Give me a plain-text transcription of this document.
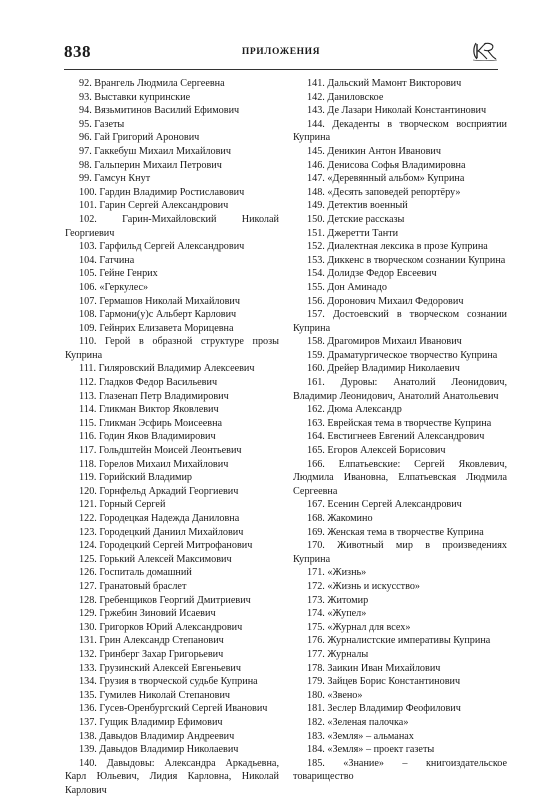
838	ПРИЛОЖЕНИЯ

92. Врангель Людмила Сергеевна

93. Выставки купринские

94. Вязьмитинов Василий Ефимович

95. Газеты

96. Гай Григорий Аронович

97. Гаккебуш Михаил Михайлович

98. Гальперин Михаил Петрович

99. Гамсун Кнут

100. Гардин Владимир Ростиславович

101. Гарин Сергей Александрович

102. Гарин-Михайловский Николай Георгиевич

103. Гарфильд Сергей Александрович

104. Гатчина

105. Гейне Генрих

106. «Геркулес»

107. Гермашов Николай Михайлович

108. Гармони(у)с Альберт Карлович

109. Гейнрих Елизавета Морицевна

110. Герой в образной структуре прозы Куприна

111. Гиляровский Владимир Алексеевич

112. Гладков Федор Васильевич

113. Глазенап Петр Владимирович

114. Гликман Виктор Яковлевич

115. Гликман Эсфирь Моисеевна

116. Годин Яков Владимирович

117. Гольдштейн Моисей Леонтьевич

118. Горелов Михаил Михайлович

119. Горийский Владимир

120. Горнфельд Аркадий Георгиевич

121. Горный Сергей

122. Городецкая Надежда Даниловна

123. Городецкий Даниил Михайлович

124. Городецкий Сергей Митрофанович

125. Горький Алексей Максимович

126. Госпиталь домашний

127. Гранатовый браслет

128. Гребенщиков Георгий Дмитриевич

129. Гржебин Зиновий Исаевич

130. Григорков Юрий Александрович

131. Грин Александр Степанович

132. Гринберг Захар Григорьевич

133. Грузинский Алексей Евгеньевич

134. Грузия в творческой судьбе Куприна

135. Гумилев Николай Степанович

136. Гусев-Оренбургский Сергей Иванович

137. Гущик Владимир Ефимович

138. Давыдов Владимир Андреевич

139. Давыдов Владимир Николаевич

140. Давыдовы: Александра Аркадьевна, Карл Юльевич, Лидия Карловна, Николай Карлович

141. Дальский Мамонт Викторович

142. Даниловское

143. Де Лазари Николай Константинович

144. Декаденты в творческом восприятии Куприна

145. Деникин Антон Иванович

146. Денисова Софья Владимировна

147. «Деревянный альбом» Куприна

148. «Десять заповедей репортёру»

149. Детектив военный

150. Детские рассказы

151. Джеретти Танти

152. Диалектная лексика в прозе Куприна

153. Диккенс в творческом сознании Куприна

154. Долидзе Федор Евсеевич

155. Дон Аминадо

156. Доронович Михаил Федорович

157. Достоевский в творческом сознании Куприна

158. Драгомиров Михаил Иванович

159. Драматургическое творчество Куприна

160. Дрейер Владимир Николаевич

161. Дуровы: Анатолий Леонидович, Владимир Леонидович, Анатолий Анатольевич

162. Дюма Александр

163. Еврейская тема в творчестве Куприна

164. Евстигнеев Евгений Александрович

165. Егоров Алексей Борисович

166. Елпатьевские: Сергей Яковлевич, Людмила Ивановна, Елпатьевская Людмила Сергеевна

167. Есенин Сергей Александрович

168. Жакомино

169. Женская тема в творчестве Куприна

170. Животный мир в произведениях Куприна

171. «Жизнь»

172. «Жизнь и искусство»

173. Житомир

174. «Жупел»

175. «Журнал для всех»

176. Журналистские императивы Куприна

177. Журналы

178. Заикин Иван Михайлович

179. Зайцев Борис Константинович

180. «Звено»

181. Зеслер Владимир Феофилович

182. «Зеленая палочка»

183. «Земля» – альманах

184. «Земля» – проект газеты

185. «Знание» – книгоиздательское товарищество
